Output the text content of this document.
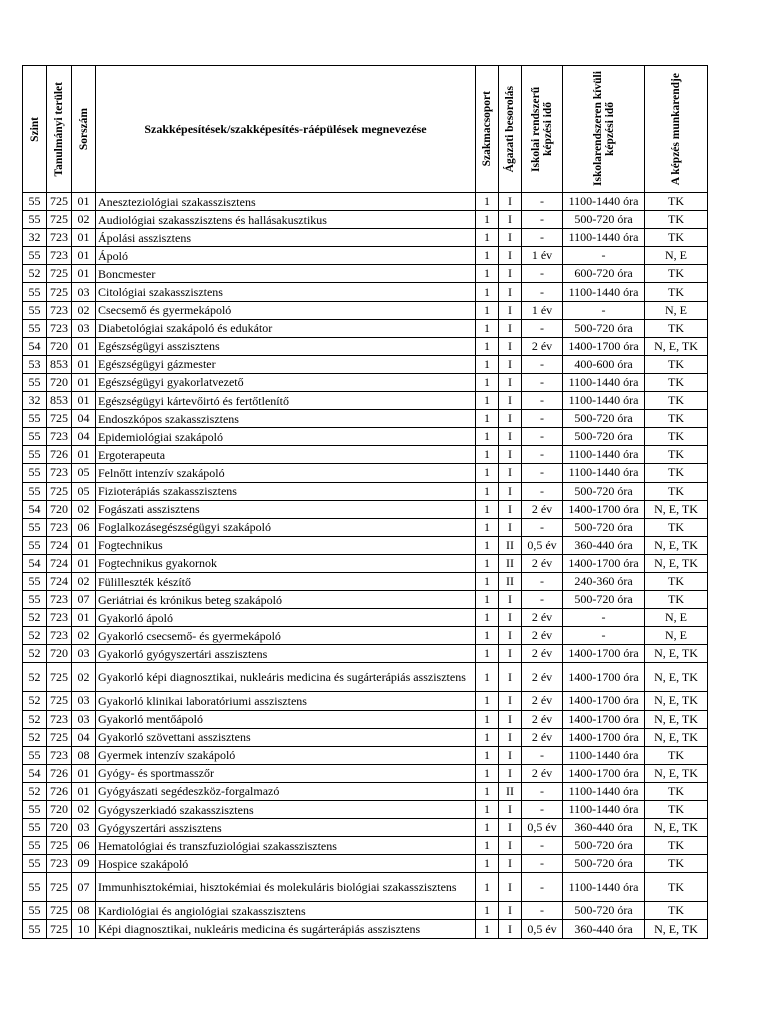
Szint	Tanulmányi terület	Sorszám	Szakképesítések/szakképesítés-ráépülések megnevezése	Szakmacsoport	Ágazati besorolás	Iskolai rendszerű képzési idő	Iskolarendszeren kívüli képzési idő	A képzés munkarendje

55	725	01	Aneszteziológiai szakasszisztens	1	I	-	1100-1440 óra	TK
55	725	02	Audiológiai szakasszisztens és hallásakusztikus	1	I	-	500-720 óra	TK
32	723	01	Ápolási asszisztens	1	I	-	1100-1440 óra	TK
55	723	01	Ápoló	1	I	1 év	-	N, E
52	725	01	Boncmester	1	I	-	600-720 óra	TK
55	725	03	Citológiai szakasszisztens	1	I	-	1100-1440 óra	TK
55	723	02	Csecsemő és gyermekápoló	1	I	1 év	-	N, E
55	723	03	Diabetológiai szakápoló és edukátor	1	I	-	500-720 óra	TK
54	720	01	Egészségügyi asszisztens	1	I	2 év	1400-1700 óra	N, E, TK
53	853	01	Egészségügyi gázmester	1	I	-	400-600 óra	TK
55	720	01	Egészségügyi gyakorlatvezető	1	I	-	1100-1440 óra	TK
32	853	01	Egészségügyi kártevőirtó és fertőtlenítő	1	I	-	1100-1440 óra	TK
55	725	04	Endoszkópos szakasszisztens	1	I	-	500-720 óra	TK
55	723	04	Epidemiológiai szakápoló	1	I	-	500-720 óra	TK
55	726	01	Ergoterapeuta	1	I	-	1100-1440 óra	TK
55	723	05	Felnőtt intenzív szakápoló	1	I	-	1100-1440 óra	TK
55	725	05	Fizioterápiás szakasszisztens	1	I	-	500-720 óra	TK
54	720	02	Fogászati asszisztens	1	I	2 év	1400-1700 óra	N, E, TK
55	723	06	Foglalkozásegészségügyi szakápoló	1	I	-	500-720 óra	TK
55	724	01	Fogtechnikus	1	II	0,5 év	360-440 óra	N, E, TK
54	724	01	Fogtechnikus gyakornok	1	II	2 év	1400-1700 óra	N, E, TK
55	724	02	Fülilleszték készítő	1	II	-	240-360 óra	TK
55	723	07	Geriátriai és krónikus beteg szakápoló	1	I	-	500-720 óra	TK
52	723	01	Gyakorló ápoló	1	I	2 év	-	N, E
52	723	02	Gyakorló csecsemő- és gyermekápoló	1	I	2 év	-	N, E
52	720	03	Gyakorló gyógyszertári asszisztens	1	I	2 év	1400-1700 óra	N, E, TK
52	725	02	Gyakorló képi diagnosztikai, nukleáris medicina és sugárterápiás asszisztens	1	I	2 év	1400-1700 óra	N, E, TK
52	725	03	Gyakorló klinikai laboratóriumi asszisztens	1	I	2 év	1400-1700 óra	N, E, TK
52	723	03	Gyakorló mentőápoló	1	I	2 év	1400-1700 óra	N, E, TK
52	725	04	Gyakorló szövettani asszisztens	1	I	2 év	1400-1700 óra	N, E, TK
55	723	08	Gyermek intenzív szakápoló	1	I	-	1100-1440 óra	TK
54	726	01	Gyógy- és sportmasszőr	1	I	2 év	1400-1700 óra	N, E, TK
52	726	01	Gyógyászati segédeszköz-forgalmazó	1	II	-	1100-1440 óra	TK
55	720	02	Gyógyszerkiadó szakasszisztens	1	I	-	1100-1440 óra	TK
55	720	03	Gyógyszertári asszisztens	1	I	0,5 év	360-440 óra	N, E, TK
55	725	06	Hematológiai és transzfuziológiai szakasszisztens	1	I	-	500-720 óra	TK
55	723	09	Hospice szakápoló	1	I	-	500-720 óra	TK
55	725	07	Immunhisztokémiai, hisztokémiai és molekuláris biológiai szakasszisztens	1	I	-	1100-1440 óra	TK
55	725	08	Kardiológiai és angiológiai szakasszisztens	1	I	-	500-720 óra	TK
55	725	10	Képi diagnosztikai, nukleáris medicina és sugárterápiás asszisztens	1	I	0,5 év	360-440 óra	N, E, TK
